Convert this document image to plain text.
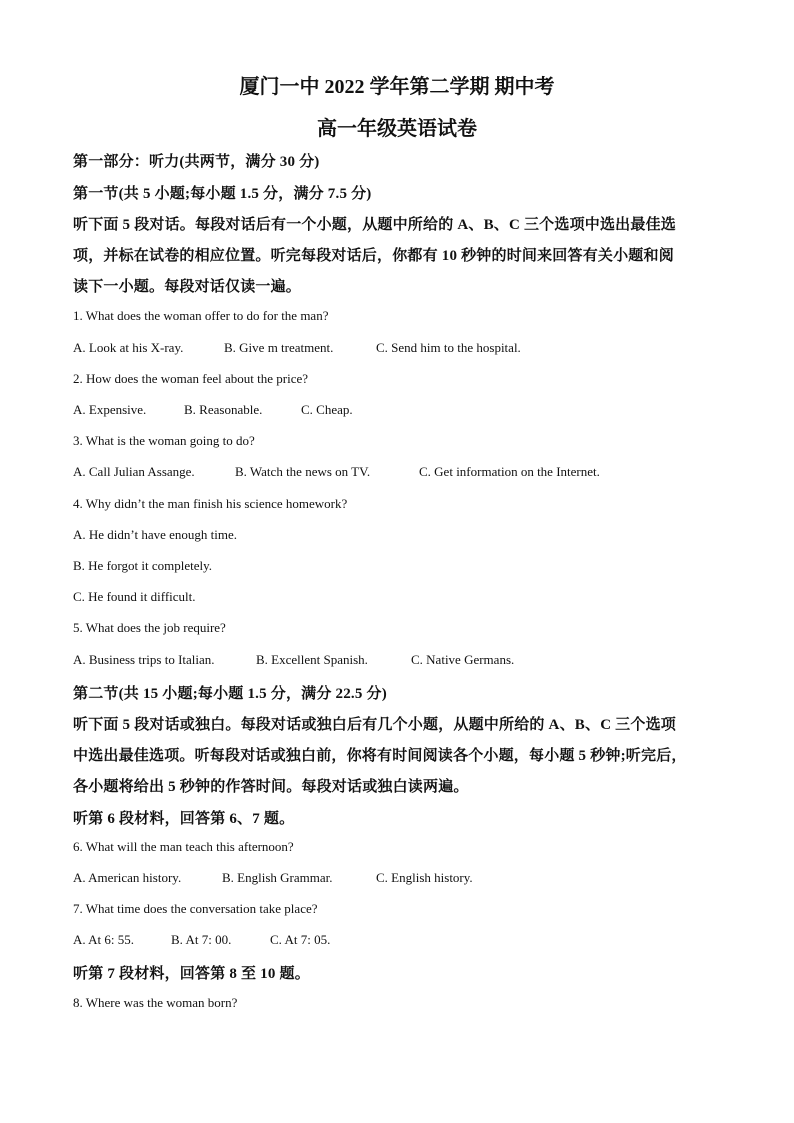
厦门一中 2022 学年第二学期 期中考
高一年级英语试卷
第一部分：听力(共两节，满分 30 分)
第一节(共 5 小题;每小题 1.5 分，满分 7.5 分)
听下面 5 段对话。每段对话后有一个小题，从题中所给的 A、B、C 三个选项中选出最佳选
项，并标在试卷的相应位置。听完每段对话后，你都有 10 秒钟的时间来回答有关小题和阅
读下一小题。每段对话仅读一遍。
1. What does the woman offer to do for the man?
A. Look at his X-ray.	B. Give m treatment.	C. Send him to the hospital.
2. How does the woman feel about the price?
A. Expensive.	B. Reasonable.	C. Cheap.
3. What is the woman going to do?
A. Call Julian Assange.	B. Watch the news on TV.	C. Get information on the Internet.
4. Why didn’t the man finish his science homework?
A. He didn’t have enough time.
B. He forgot it completely.
C. He found it difficult.
5. What does the job require?
A. Business trips to Italian.	B. Excellent Spanish.	C. Native Germans.
第二节(共 15 小题;每小题 1.5 分，满分 22.5 分)
听下面 5 段对话或独白。每段对话或独白后有几个小题，从题中所给的 A、B、C 三个选项
中选出最佳选项。听每段对话或独白前，你将有时间阅读各个小题，每小题 5 秒钟;听完后，
各小题将给出 5 秒钟的作答时间。每段对话或独白读两遍。
听第 6 段材料，回答第 6、7 题。
6. What will the man teach this afternoon?
A. American history.	B. English Grammar.	C. English history.
7. What time does the conversation take place?
A. At 6: 55.	B. At 7: 00.	C. At 7: 05.
听第 7 段材料，回答第 8 至 10 题。
8. Where was the woman born?
